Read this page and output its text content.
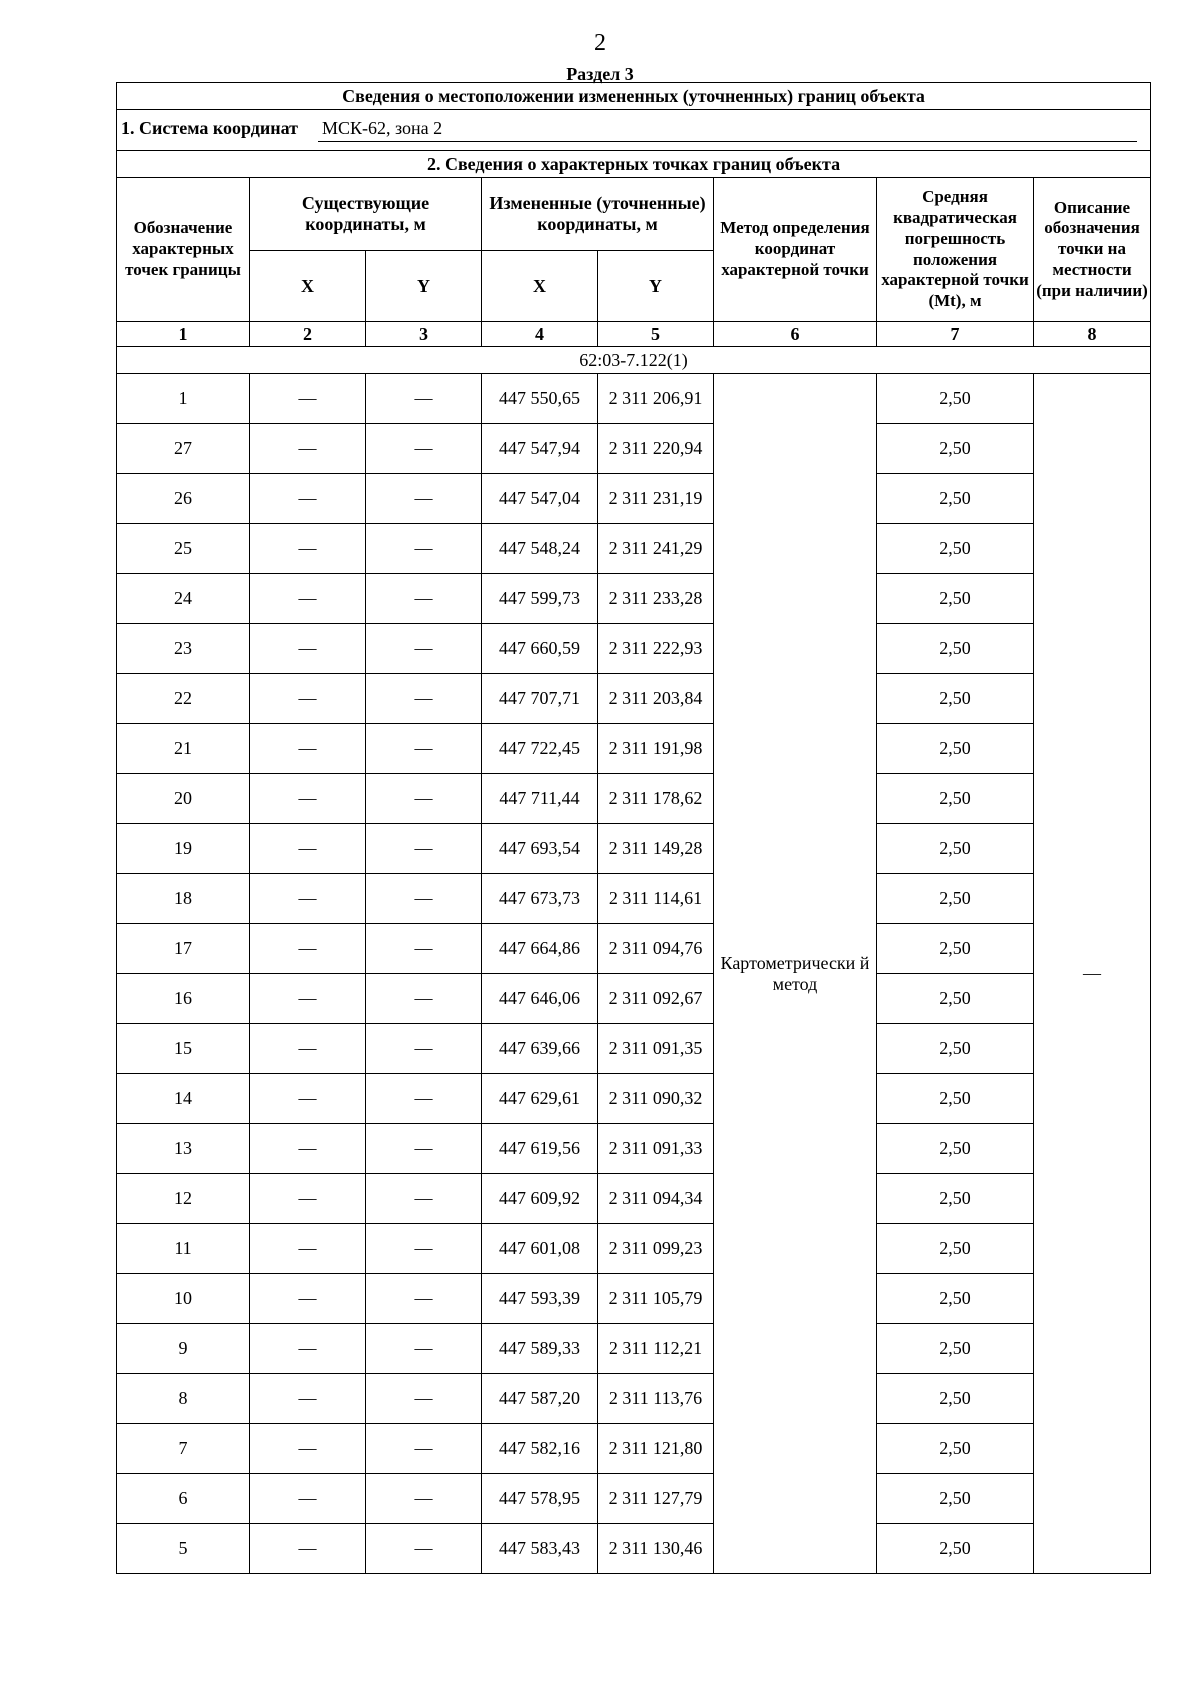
2
Раздел 3
Сведения о местоположении измененных (уточненных) границ объекта							
1. Система координат МСК-62, зона 2							
2. Сведения о характерных точках границ объекта							
Обозначение характерных точек границы	Существующие координаты, м		Измененные (уточненные) координаты, м		Метод определения координат характерной точки	Средняя квадратическая погрешность положения характерной точки (Mt), м	Описание обозначения точки на местности (при наличии)
	X	Y	X	Y			
1	2	3	4	5	6	7	8
62:03-7.122(1)							
1	—	—	447 550,65	2 311 206,91	Картометрически й метод	2,50	—
27	—	—	447 547,94	2 311 220,94		2,50	
26	—	—	447 547,04	2 311 231,19		2,50	
25	—	—	447 548,24	2 311 241,29		2,50	
24	—	—	447 599,73	2 311 233,28		2,50	
23	—	—	447 660,59	2 311 222,93		2,50	
22	—	—	447 707,71	2 311 203,84		2,50	
21	—	—	447 722,45	2 311 191,98		2,50	
20	—	—	447 711,44	2 311 178,62		2,50	
19	—	—	447 693,54	2 311 149,28		2,50	
18	—	—	447 673,73	2 311 114,61		2,50	
17	—	—	447 664,86	2 311 094,76		2,50	
16	—	—	447 646,06	2 311 092,67		2,50	
15	—	—	447 639,66	2 311 091,35		2,50	
14	—	—	447 629,61	2 311 090,32		2,50	
13	—	—	447 619,56	2 311 091,33		2,50	
12	—	—	447 609,92	2 311 094,34		2,50	
11	—	—	447 601,08	2 311 099,23		2,50	
10	—	—	447 593,39	2 311 105,79		2,50	
9	—	—	447 589,33	2 311 112,21		2,50	
8	—	—	447 587,20	2 311 113,76		2,50	
7	—	—	447 582,16	2 311 121,80		2,50	
6	—	—	447 578,95	2 311 127,79		2,50	
5	—	—	447 583,43	2 311 130,46		2,50	
